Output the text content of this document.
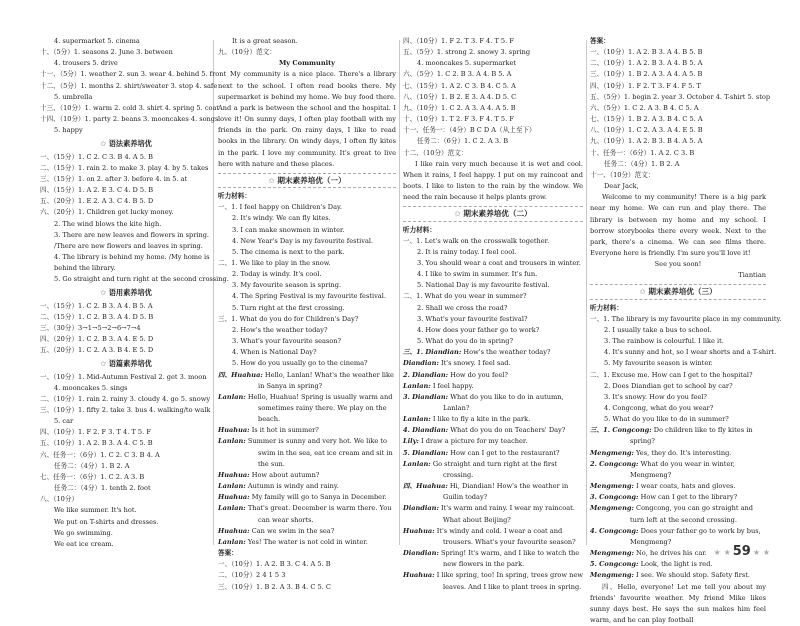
4. supermarket 5. cinema
十、（5分）1. seasons 2. June 3. between
4. trousers 5. drive
十一、（5分）1. weather 2. sun 3. wear 4. behind 5. front
十二、（5分）1. months 2. shirt/sweater 3. stop 4. safe
5. umbrella
十三、（10分）1. warm 2. cold 3. shirt 4. spring 5. coat
十四、（10分）1. party 2. beans 3. mooncakes 4. songs
5. happy
✩ 语法素养培优
一、（15分）1. C 2. C 3. B 4. A 5. B
二、（15分）1. rain 2. to make 3. play 4. by 5. takes
三、（15分）1. on 2. after 3. before 4. in 5. at
四、（15分）1. A 2. E 3. C 4. D 5. B
五、（20分）1. E 2. A 3. C 4. B 5. D
六、（20分）1. Children get lucky money.
2. The wind blows the kite high.
3. There are new leaves and flowers in spring. /There are new flowers and leaves in spring.
4. The library is behind my home. /My home is behind the library.
5. Go straight and turn right at the second crossing.
✩ 语用素养培优
一、（15分）1. C 2. B 3. A 4. B 5. A
二、（15分）1. C 2. B 3. A 4. D 5. B
三、（30分）3→1→5→2→6→7→4
四、（20分）1. C 2. B 3. A 4. E 5. D
五、（20分）1. C 2. A 3. B 4. E 5. D
✩ 语篇素养培优
一、（10分）1. Mid-Autumn Festival 2. get 3. moon
4. mooncakes 5. sings
二、（10分）1. rain 2. rainy 3. cloudy 4. go 5. snowy
三、（10分）1. fifty 2. take 3. bus 4. walking/to walk
5. car
四、（10分）1. F 2. F 3. T 4. T 5. F
五、（10分）1. A 2. B 3. A 4. C 5. B
六、任务一：（6分）1. C 2. C 3. B 4. A
任务二：（4分）1. B 2. A
七、任务一：（6分）1. C 2. A 3. B
任务二：（4分）1. tenth 2. foot
八、（10分）
We like summer. It's hot.
We put on T-shirts and dresses.
We go swimming.
We eat ice cream.
It is a great season.
九、（10分）范文：
My Community
My community is a nice place. There's a library next to the school. I often read books there. My supermarket is behind my home. We buy food there. And a park is between the school and the hospital. I love it! On sunny days, I often play football with my friends in the park. On rainy days, I like to read books in the library. On windy days, I often fly kites in the park. I love my community. It's great to live here with nature and these places.
✩ 期末素养培优（一）
听力材料：
一、1. I feel happy on Children's Day.
2. It's windy. We can fly kites.
3. I can make snowmen in winter.
4. New Year's Day is my favourite festival.
5. The cinema is next to the park.
二、1. We like to play in the snow.
2. Today is windy. It's cool.
3. My favourite season is spring.
4. The Spring Festival is my favourite festival.
5. Turn right at the first crossing.
三、1. What do you do for Children's Day?
2. How's the weather today?
3. What's your favourite season?
4. When is National Day?
5. How do you usually go to the cinema?
四、Huahua: Hello, Lanlan! What's the weather like in Sanya in spring?
Lanlan: Hello, Huahua! Spring is usually warm and sometimes rainy there. We play on the beach.
Huahua: Is it hot in summer?
Lanlan: Summer is sunny and very hot. We like to swim in the sea, eat ice cream and sit in the sun.
Huahua: How about autumn?
Lanlan: Autumn is windy and rainy.
Huahua: My family will go to Sanya in December.
Lanlan: That's great. December is warm there. You can wear shorts.
Huahua: Can we swim in the sea?
Lanlan: Yes! The water is not cold in winter.
答案：
一、（10分）1. A 2. B 3. C 4. A 5. B
二、（10分）2 4 1 5 3
三、（10分）1. B 2. A 3. B 4. C 5. C
四、（10分）1. F 2. T 3. F 4. T 5. F
五、（5分）1. strong 2. snowy 3. spring
4. mooncakes 5. supermarket
六、（5分）1. C 2. B 3. A 4. B 5. A
七、（15分）1. A 2. C 3. B 4. C 5. A
八、（10分）1. B 2. E 3. A 4. D 5. C
九、（10分）1. C 2. A 3. A 4. A 5. B
十、（10分）1. T 2. F 3. F 4. T 5. F
十一、任务一：（4分）B C D A（从上至下）
任务二：（6分）1. C 2. A 3. B
十二、（10分）范文：
I like rain very much because it is wet and cool. When it rains, I feel happy. I put on my raincoat and boots. I like to listen to the rain by the window. We need the rain because it helps plants grow.
✩ 期末素养培优（二）
听力材料：
一、1. Let's walk on the crosswalk together.
2. It is rainy today. I feel cool.
3. You should wear a coat and trousers in winter.
4. I like to swim in summer. It's fun.
5. National Day is my favourite festival.
二、1. What do you wear in summer?
2. Shall we cross the road?
3. What's your favourite festival?
4. How does your father go to work?
5. What do you do in spring?
三、1. Diandian: How's the weather today?
Diandian: It's snowy. I feel sad.
2. Diandian: How do you feel?
Lanlan: I feel happy.
3. Diandian: What do you like to do in autumn, Lanlan?
Lanlan: I like to fly a kite in the park.
4. Diandian: What do you do on Teachers' Day?
Lily: I draw a picture for my teacher.
5. Diandian: How can I get to the restaurant?
Lanlan: Go straight and turn right at the first crossing.
四、Huahua: Hi, Diandian! How's the weather in Guilin today?
Diandian: It's warm and rainy. I wear my raincoat. What about Beijing?
Huahua: It's windy and cold. I wear a coat and trousers. What's your favourite season?
Diandian: Spring! It's warm, and I like to watch the new flowers in the park.
Huahua: I like spring, too! In spring, trees grow new leaves. And I like to plant trees in spring.
答案：
一、（10分）1. A 2. B 3. A 4. B 5. B
二、（10分）1. A 2. B 3. A 4. B 5. A
三、（10分）1. B 2. A 3. A 4. A 5. B
四、（10分）1. F 2. T 3. F 4. F 5. T
五、（5分）1. begin 2. year 3. October 4. T-shirt 5. stop
六、（5分）1. C 2. A 3. B 4. C 5. A
七、（15分）1. B 2. A 3. B 4. C 5. A
八、（10分）1. C 2. A 3. A 4. E 5. B
九、（10分）1. A 2. B 3. B 4. A 5. A
十、任务一：（6分）1. A 2. C 3. B
任务二：（4分）1. B 2. A
十一、（10分）范文：
Dear Jack,
Welcome to my community! There is a big park near my home. We can run and play there. The library is between my home and my school. I borrow storybooks there every week. Next to the park, there's a cinema. We can see films there. Everyone here is friendly. I'm sure you'll love it!
See you soon!
Tiantian
✩ 期末素养培优（三）
听力材料：
一、1. The library is my favourite place in my community.
2. I usually take a bus to school.
3. The rainbow is colourful. I like it.
4. It's sunny and hot, so I wear shorts and a T-shirt.
5. My favourite season is winter.
二、1. Excuse me. How can I get to the hospital?
2. Does Diandian get to school by car?
3. It's snowy. How do you feel?
4. Congcong, what do you wear?
5. What do you like to do in summer?
三、1. Congcong: Do children like to fly kites in spring?
Mengmeng: Yes, they do. It's interesting.
2. Congcong: What do you wear in winter, Mengmeng?
Mengmeng: I wear coats, hats and gloves.
3. Congcong: How can I get to the library?
Mengmeng: Congcong, you can go straight and turn left at the second crossing.
4. Congcong: Does your father go to work by bus, Mengmeng?
Mengmeng: No, he drives his car.
5. Congcong: Look, the light is red.
Mengmeng: I see. We should stop. Safety first.
四、Hello, everyone! Let me tell you about my friends' favourite weather. My friend Mike likes sunny days best. He says the sun makes him feel warm, and he can play football
★ ★ 59 ★ ★
